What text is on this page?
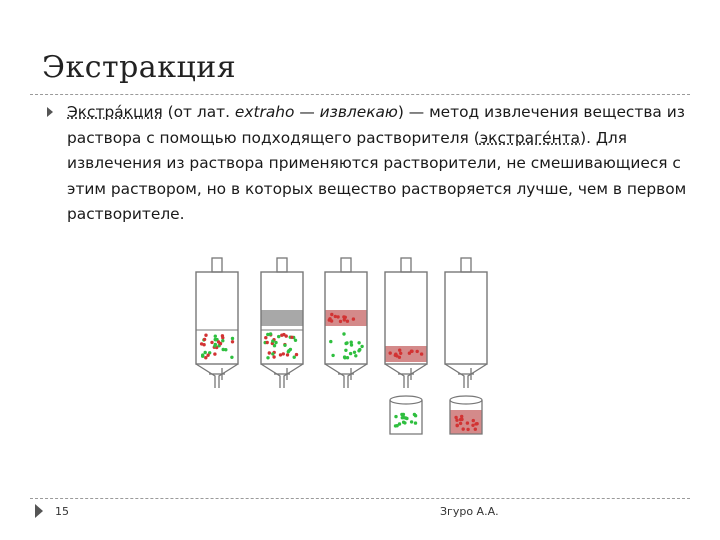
Экстракция
Экстра́кция (от лат. extraho — извлекаю) — метод извлечения вещества из раствора с помощью подходящего растворителя (экстраге́нта). Для извлечения из раствора применяются растворители, не смешивающиеся с этим раствором, но в которых вещество растворяется лучше, чем в первом растворителе.
15	Згуро А.А.
